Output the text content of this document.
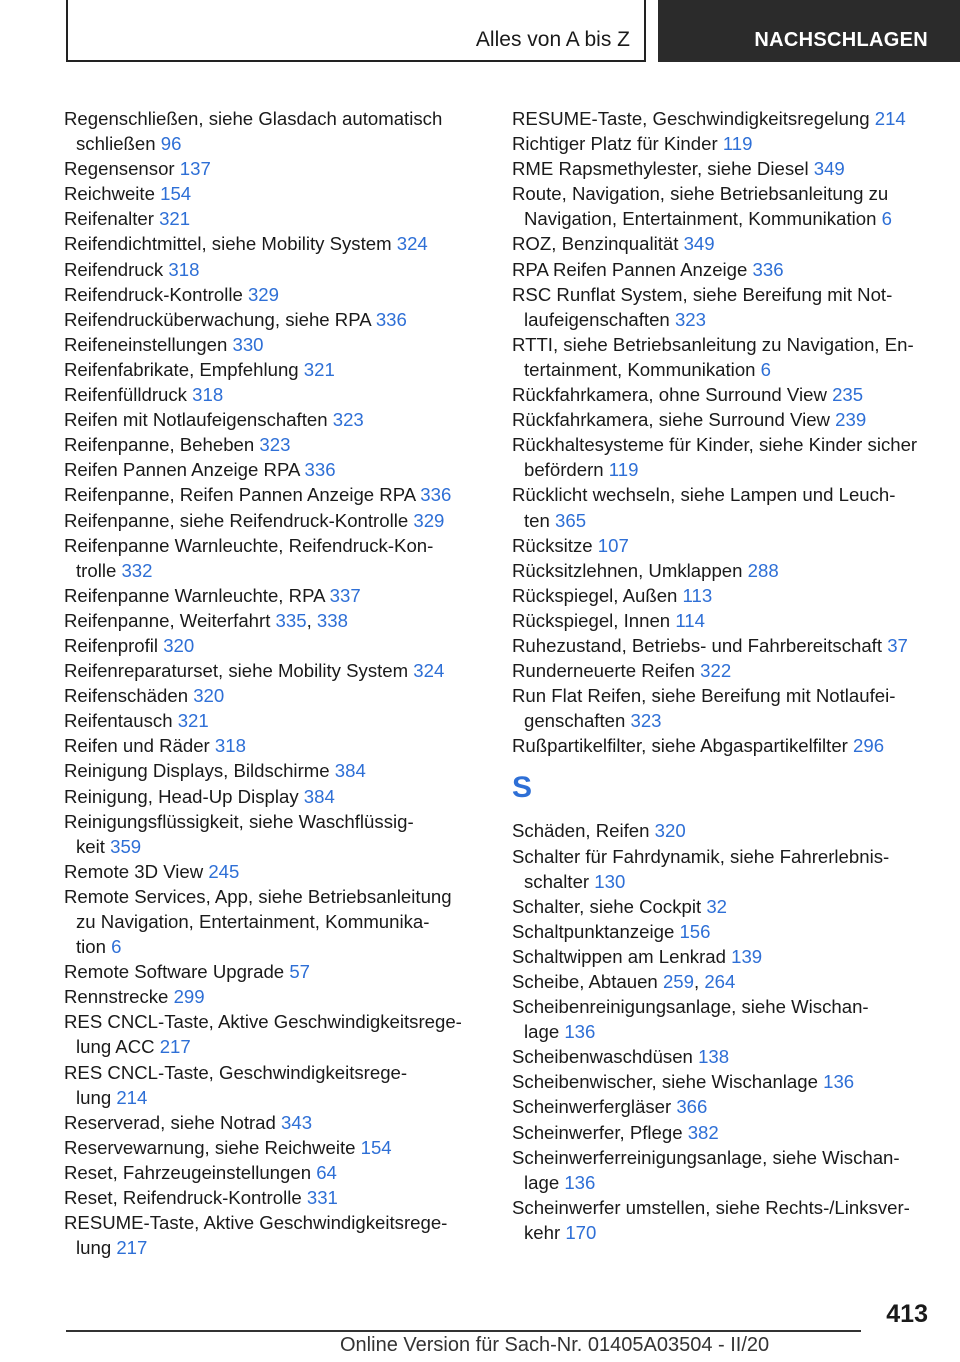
Alles von A bis Z	NACHSCHLAGEN

Regenschließen, siehe Glasdach automatisch
schließen 96

Regensensor 137

Reichweite 154

Reifenalter 321

Reifendichtmittel, siehe Mobility System 324

Reifendruck 318

Reifendruck-Kontrolle 329

Reifendrucküberwachung, siehe RPA 336

Reifeneinstellungen 330

Reifenfabrikate, Empfehlung 321

Reifenfülldruck 318

Reifen mit Notlaufeigenschaften 323

Reifenpanne, Beheben 323

Reifen Pannen Anzeige RPA 336

Reifenpanne, Reifen Pannen Anzeige RPA 336

Reifenpanne, siehe Reifendruck-Kontrolle 329

Reifenpanne Warnleuchte, Reifendruck-Kon‐
trolle 332

Reifenpanne Warnleuchte, RPA 337

Reifenpanne, Weiterfahrt 335, 338

Reifenprofil 320

Reifenreparaturset, siehe Mobility System 324

Reifenschäden 320

Reifentausch 321

Reifen und Räder 318

Reinigung Displays, Bildschirme 384

Reinigung, Head-Up Display 384

Reinigungsflüssigkeit, siehe Waschflüssig‐
keit 359

Remote 3D View 245

Remote Services, App, siehe Betriebsanleitung
zu Navigation, Entertainment, Kommunika‐
tion 6

Remote Software Upgrade 57

Rennstrecke 299

RES CNCL-Taste, Aktive Geschwindigkeitsrege‐
lung ACC 217

RES CNCL-Taste, Geschwindigkeitsrege‐
lung 214

Reserverad, siehe Notrad 343

Reservewarnung, siehe Reichweite 154

Reset, Fahrzeugeinstellungen 64

Reset, Reifendruck-Kontrolle 331

RESUME-Taste, Aktive Geschwindigkeitsrege‐
lung 217

RESUME-Taste, Geschwindigkeitsregelung 214

Richtiger Platz für Kinder 119

RME Rapsmethylester, siehe Diesel 349

Route, Navigation, siehe Betriebsanleitung zu
Navigation, Entertainment, Kommunikation 6

ROZ, Benzinqualität 349

RPA Reifen Pannen Anzeige 336

RSC Runflat System, siehe Bereifung mit Not‐
laufeigenschaften 323

RTTI, siehe Betriebsanleitung zu Navigation, En‐
tertainment, Kommunikation 6

Rückfahrkamera, ohne Surround View 235

Rückfahrkamera, siehe Surround View 239

Rückhaltesysteme für Kinder, siehe Kinder sicher
befördern 119

Rücklicht wechseln, siehe Lampen und Leuch‐
ten 365

Rücksitze 107

Rücksitzlehnen, Umklappen 288

Rückspiegel, Außen 113

Rückspiegel, Innen 114

Ruhezustand, Betriebs- und Fahrbereitschaft 37

Runderneuerte Reifen 322

Run Flat Reifen, siehe Bereifung mit Notlaufei‐
genschaften 323

Rußpartikelfilter, siehe Abgaspartikelfilter 296

S

Schäden, Reifen 320

Schalter für Fahrdynamik, siehe Fahrerlebnis‐
schalter 130

Schalter, siehe Cockpit 32

Schaltpunktanzeige 156

Schaltwippen am Lenkrad 139

Scheibe, Abtauen 259, 264

Scheibenreinigungsanlage, siehe Wischan‐
lage 136

Scheibenwaschdüsen 138

Scheibenwischer, siehe Wischanlage 136

Scheinwerfergläser 366

Scheinwerfer, Pflege 382

Scheinwerferreinigungsanlage, siehe Wischan‐
lage 136

Scheinwerfer umstellen, siehe Rechts-/Linksver‐
kehr 170

413
Online Version für Sach-Nr. 01405A03504 - II/20
